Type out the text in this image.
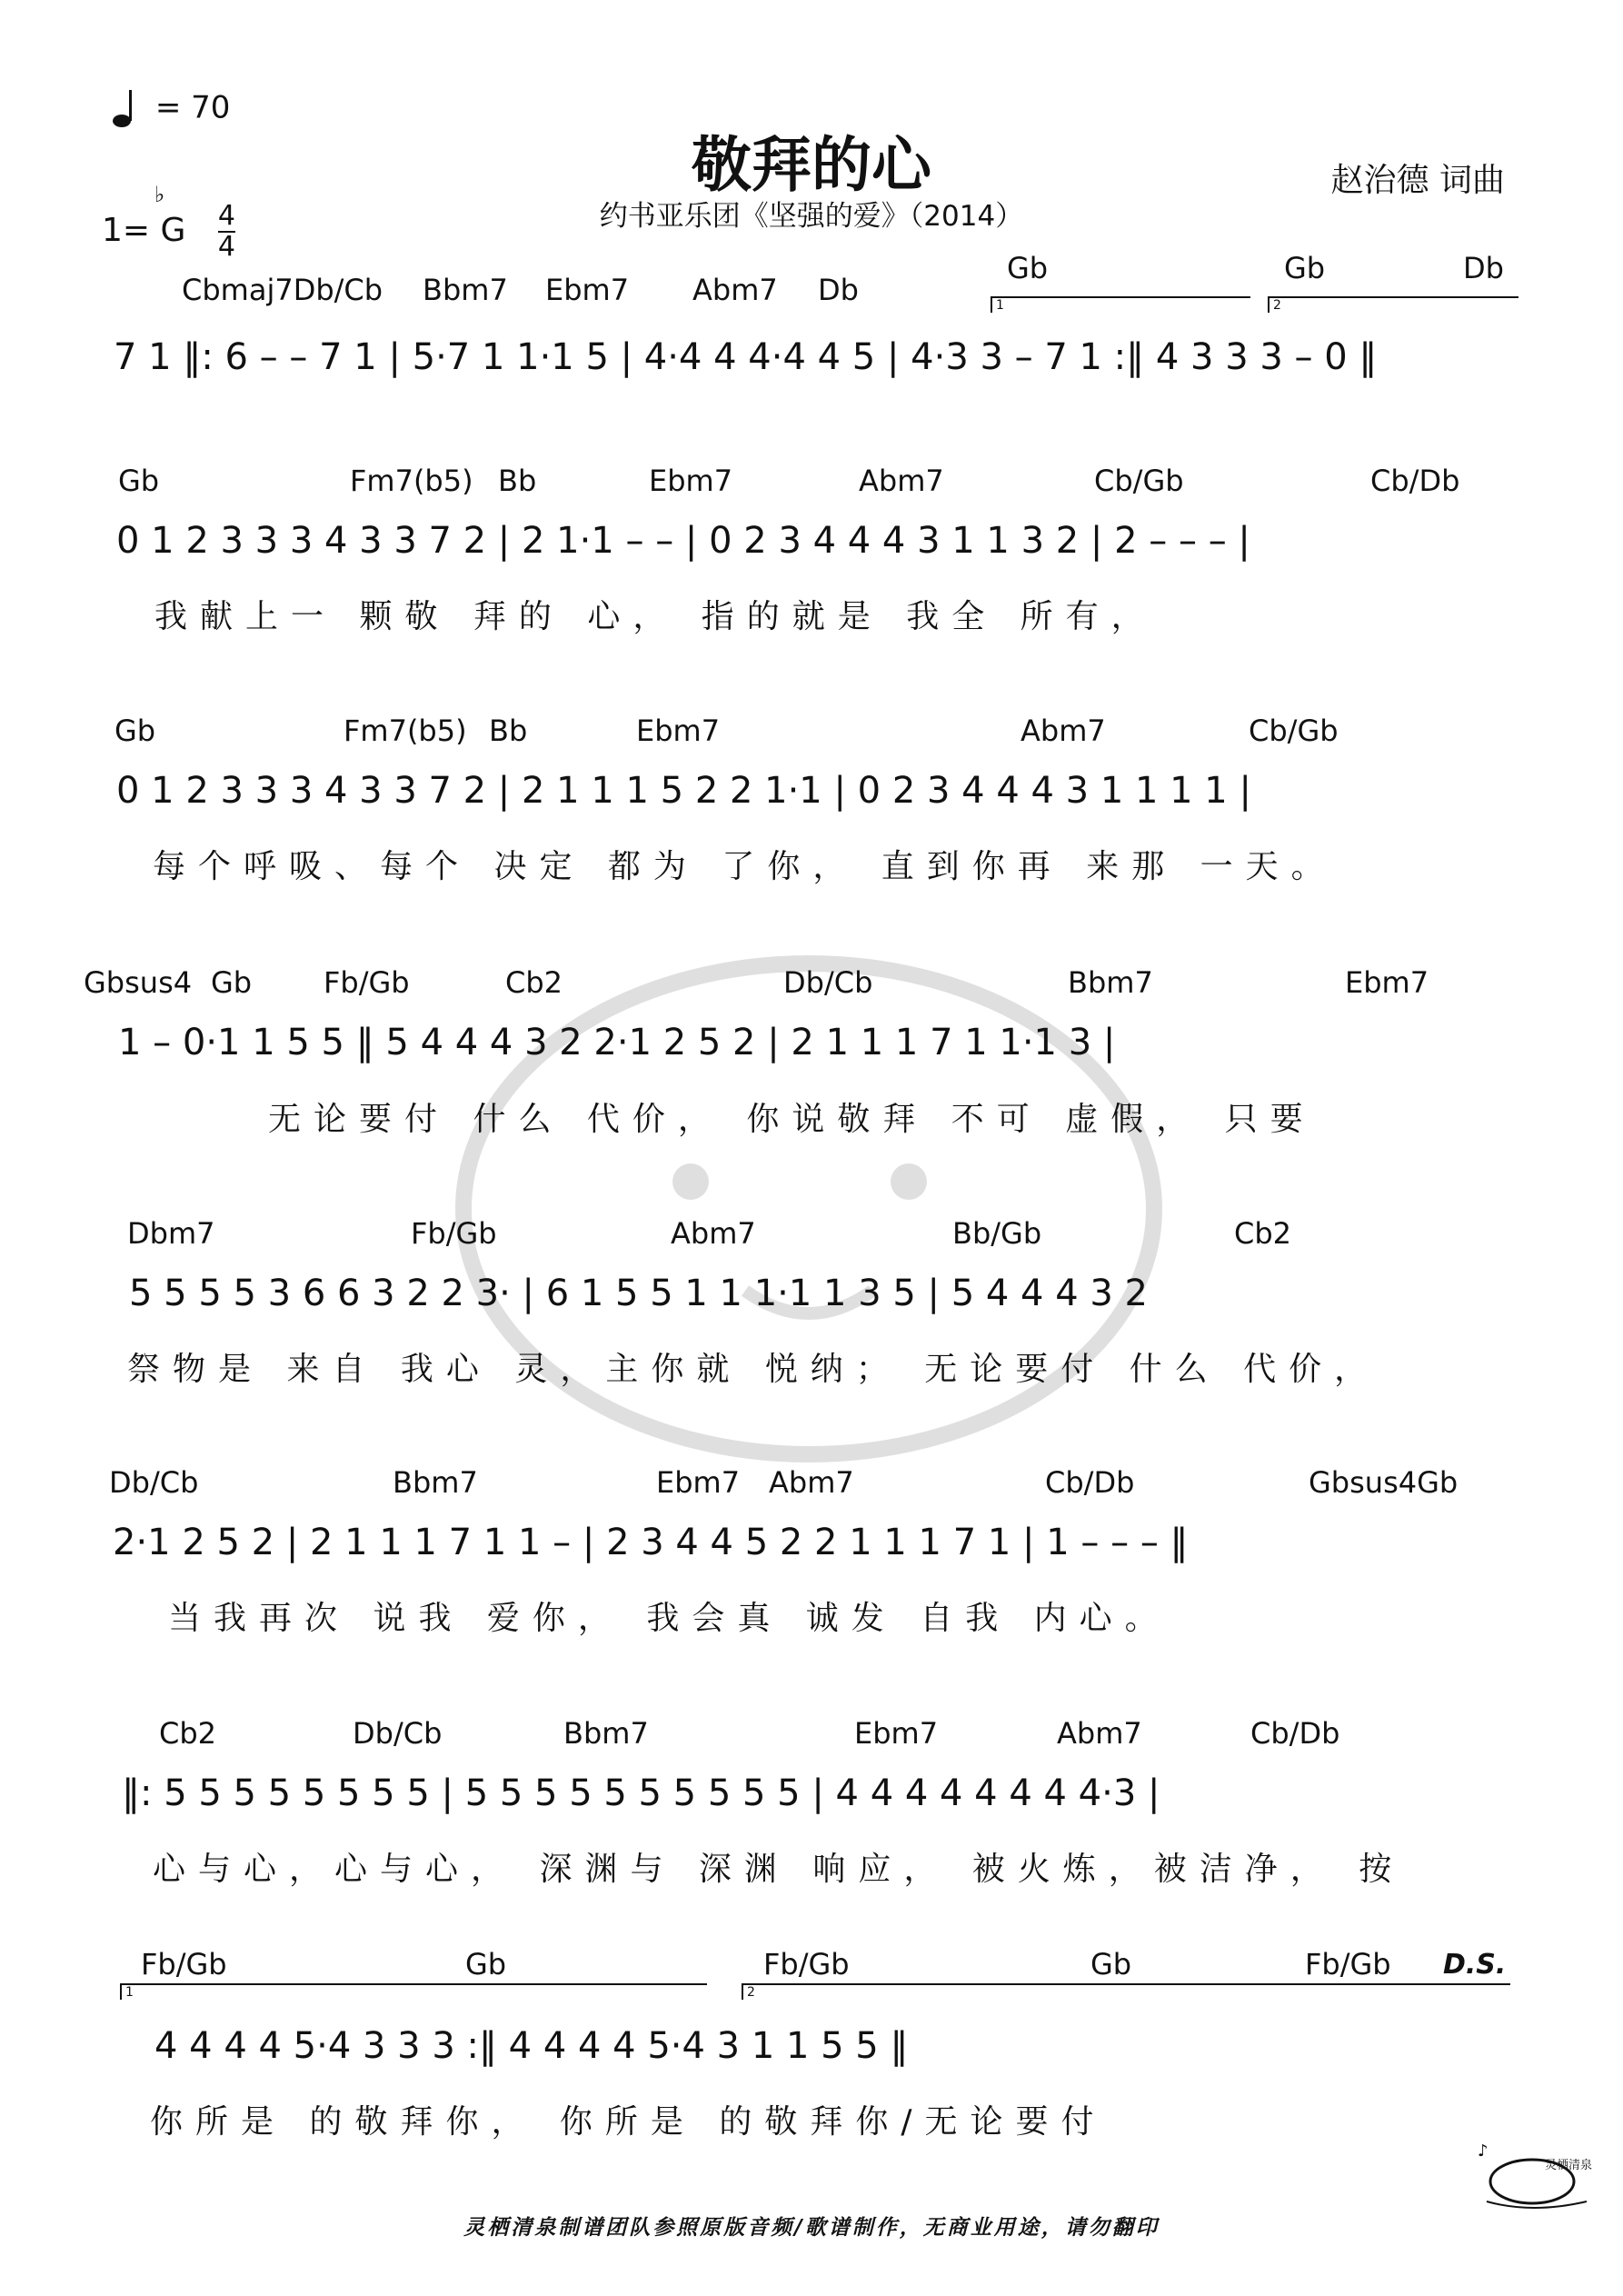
= 70
敬拜的心
约书亚乐团《坚强的爱》（2014）
赵治德 词曲
1= G
♭
$\frac{4}{4}$
Cbmaj7Db/Cb Bbm7 Ebm7 Abm7 Db
Gb	Gb	Db
1	2
7 1 ‖: 6 – – 7 1 | 5·7 1 1·1 5 | 4·4 4 4·4 4 5 | 4·3 3 – 7 1 :‖ 4 3 3 3 – 0 ‖
Gb	Fm7(b5) Bb	Ebm7	Abm7	Cb/Gb	Cb/Db
0 1 2 3 3 3 4 3 3 7 2 | 2 1·1 – – | 0 2 3 4 4 4 3 1 1 3 2 | 2 – – – |
我献上一 颗敬 拜的 心， 指的就是 我全 所有，
Gb	Fm7(b5) Bb	Ebm7	Abm7	Cb/Gb
0 1 2 3 3 3 4 3 3 7 2 | 2 1 1 1 5 2 2 1·1 | 0 2 3 4 4 4 3 1 1 1 1 |
每个呼吸、每个 决定 都为 了你， 直到你再 来那 一天。
Gbsus4 Gb Fb/Gb	Cb2	Db/Cb	Bbm7	Ebm7
1 – 0·1 1 5 5 ‖ 5 4 4 4 3 2 2·1 2 5 2 | 2 1 1 1 7 1 1·1 3 |
无论要付 什么 代价， 你说敬拜 不可 虚假， 只要
Dbm7	Fb/Gb	Abm7	Bb/Gb	Cb2
5 5 5 5 3 6 6 3 2 2 3· | 6 1 5 5 1 1 1·1 1 3 5 | 5 4 4 4 3 2
祭物是 来自 我心 灵，主你就 悦纳； 无论要付 什么 代价，
Db/Cb	Bbm7	Ebm7 Abm7	Cb/Db	Gbsus4Gb
2·1 2 5 2 | 2 1 1 1 7 1 1 – | 2 3 4 4 5 2 2 1 1 1 7 1 | 1 – – – ‖
当我再次 说我 爱你， 我会真 诚发 自我 内心。
Cb2	Db/Cb	Bbm7	Ebm7	Abm7	Cb/Db
‖: 5 5 5 5 5 5 5 5 | 5 5 5 5 5 5 5 5 5 5 | 4 4 4 4 4 4 4 4·3 |
心与心，心与心， 深渊与 深渊 响应， 被火炼，被洁净， 按
Fb/Gb	Gb	Fb/Gb	Gb	Fb/Gb D.S.
1	2
4 4 4 4 5·4 3 3 3 :‖ 4 4 4 4 5·4 3 1 1 5 5 ‖
你所是 的敬拜你， 你所是 的敬拜你/无论要付
灵栖清泉制谱团队参照原版音频/歌谱制作，无商业用途，请勿翻印
灵栖清泉
♪
